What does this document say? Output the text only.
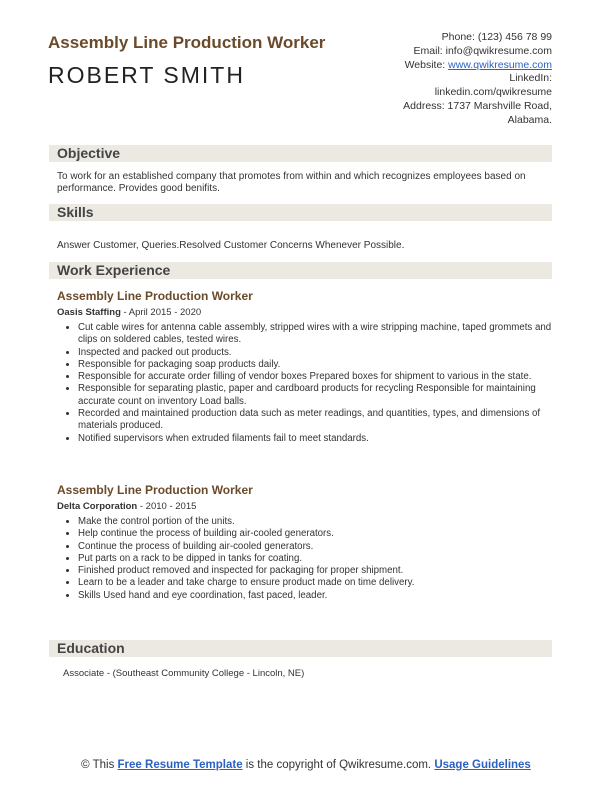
Assembly Line Production Worker
ROBERT SMITH
Phone: (123) 456 78 99
Email: info@qwikresume.com
Website: www.qwikresume.com
LinkedIn:
linkedin.com/qwikresume
Address: 1737 Marshville Road, Alabama.
Objective
To work for an established company that promotes from within and which recognizes employees based on performance. Provides good benifits.
Skills
Answer Customer, Queries.Resolved Customer Concerns Whenever Possible.
Work Experience
Assembly Line Production Worker
Oasis Staffing - April 2015 - 2020
• Cut cable wires for antenna cable assembly, stripped wires with a wire stripping machine, taped grommets and clips on soldered cables, tested wires.
• Inspected and packed out products.
• Responsible for packaging soap products daily.
• Responsible for accurate order filling of vendor boxes Prepared boxes for shipment to various in the state.
• Responsible for separating plastic, paper and cardboard products for recycling Responsible for maintaining accurate count on inventory Load balls.
• Recorded and maintained production data such as meter readings, and quantities, types, and dimensions of materials produced.
• Notified supervisors when extruded filaments fail to meet standards.
Assembly Line Production Worker
Delta Corporation - 2010 - 2015
• Make the control portion of the units.
• Help continue the process of building air-cooled generators.
• Continue the process of building air-cooled generators.
• Put parts on a rack to be dipped in tanks for coating.
• Finished product removed and inspected for packaging for proper shipment.
• Learn to be a leader and take charge to ensure product made on time delivery.
• Skills Used hand and eye coordination, fast paced, leader.
Education
Associate - (Southeast Community College - Lincoln, NE)
© This Free Resume Template is the copyright of Qwikresume.com. Usage Guidelines
